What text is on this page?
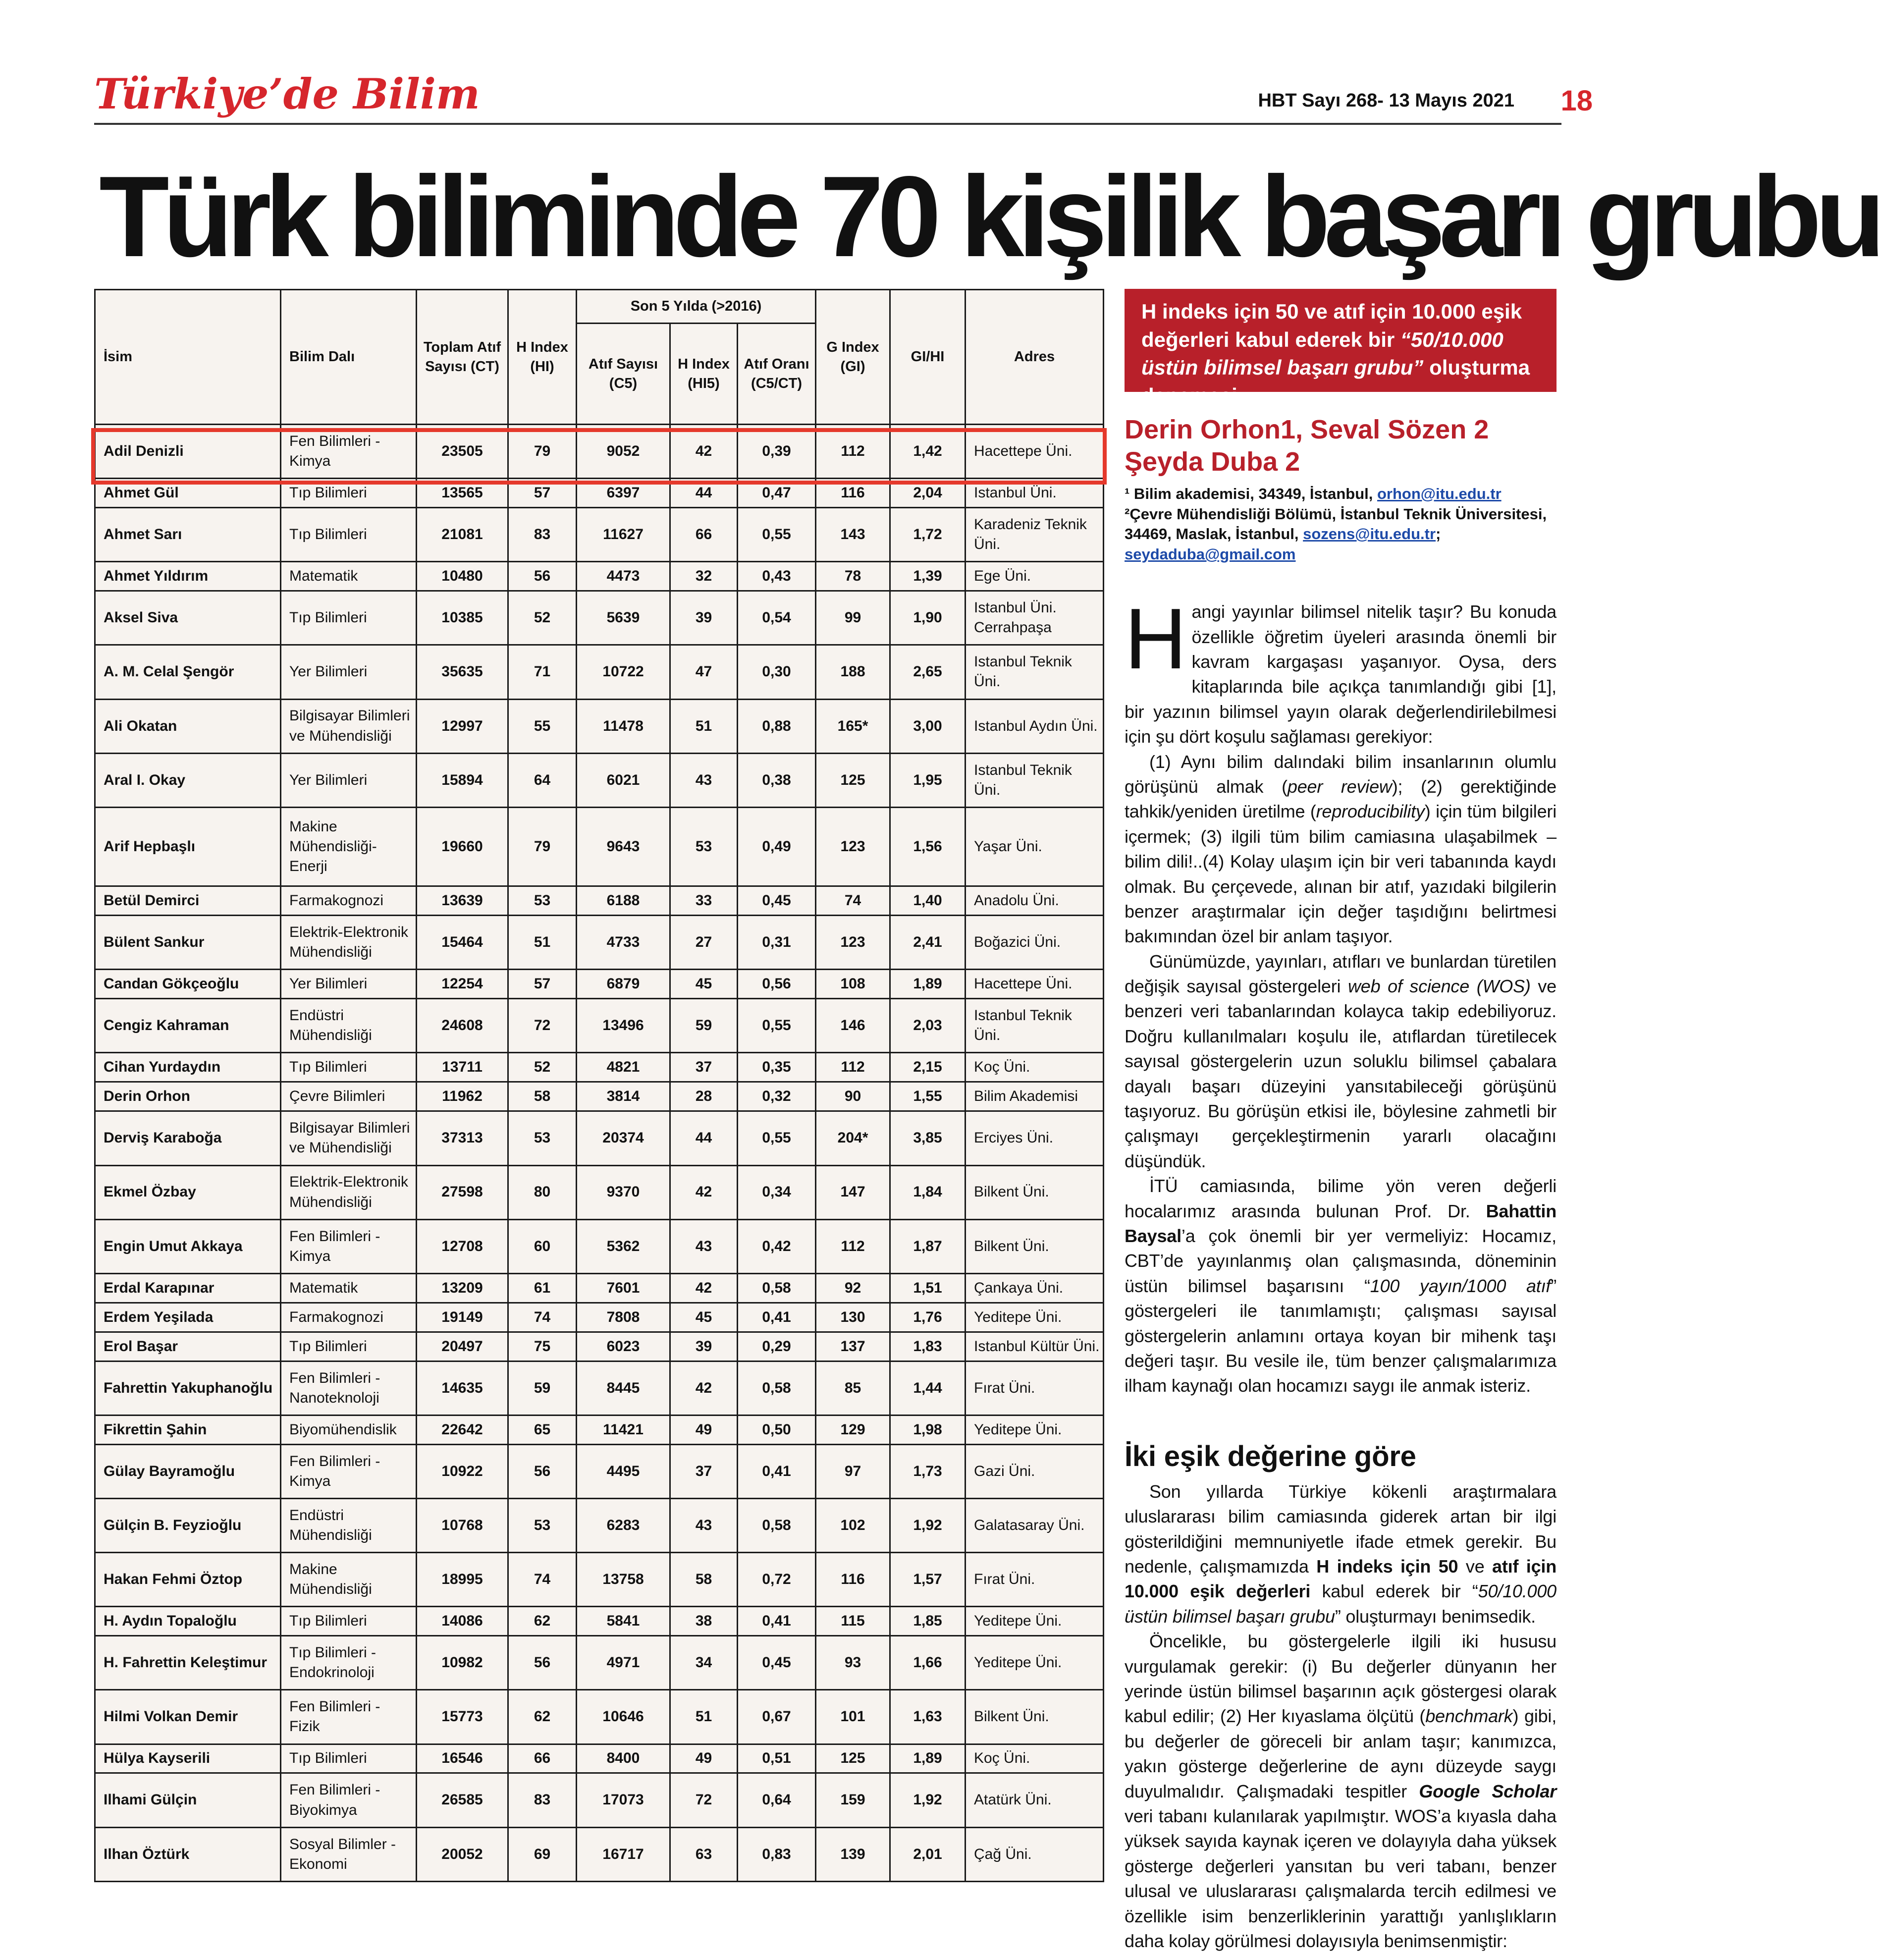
Türkiye’de Bilim	HBT Sayı 268- 13 Mayıs 2021 18
Türk biliminde 70 kişilik başarı grubu
İsim	Bilim Dalı	Toplam Atıf Sayısı (CT)	H Index (HI)	Son 5 Yılda (>2016)			G Index (GI)	GI/HI	Adres
				Atıf Sayısı (C5)	H Index (HI5)	Atıf Oranı (C5/CT)			
Adil Denizli	Fen Bilimleri - Kimya	23505	79	9052	42	0,39	112	1,42	Hacettepe Üni.
Ahmet Gül	Tıp Bilimleri	13565	57	6397	44	0,47	116	2,04	Istanbul Üni.
Ahmet Sarı	Tıp Bilimleri	21081	83	11627	66	0,55	143	1,72	Karadeniz Teknik Üni.
Ahmet Yıldırım	Matematik	10480	56	4473	32	0,43	78	1,39	Ege Üni.
Aksel Siva	Tıp Bilimleri	10385	52	5639	39	0,54	99	1,90	Istanbul Üni. Cerrahpaşa
A. M. Celal Şengör	Yer Bilimleri	35635	71	10722	47	0,30	188	2,65	Istanbul Teknik Üni.
Ali Okatan	Bilgisayar Bilimleri ve Mühendisliği	12997	55	11478	51	0,88	165*	3,00	Istanbul Aydın Üni.
Aral I. Okay	Yer Bilimleri	15894	64	6021	43	0,38	125	1,95	Istanbul Teknik Üni.
Arif Hepbaşlı	Makine Mühendisliği-Enerji	19660	79	9643	53	0,49	123	1,56	Yaşar Üni.
Betül Demirci	Farmakognozi	13639	53	6188	33	0,45	74	1,40	Anadolu Üni.
Bülent Sankur	Elektrik-Elektronik Mühendisliği	15464	51	4733	27	0,31	123	2,41	Boğazici Üni.
Candan Gökçeoğlu	Yer Bilimleri	12254	57	6879	45	0,56	108	1,89	Hacettepe Üni.
Cengiz Kahraman	Endüstri Mühendisliği	24608	72	13496	59	0,55	146	2,03	Istanbul Teknik Üni.
Cihan Yurdaydın	Tıp Bilimleri	13711	52	4821	37	0,35	112	2,15	Koç Üni.
Derin Orhon	Çevre Bilimleri	11962	58	3814	28	0,32	90	1,55	Bilim Akademisi
Derviş Karaboğa	Bilgisayar Bilimleri ve Mühendisliği	37313	53	20374	44	0,55	204*	3,85	Erciyes Üni.
Ekmel Özbay	Elektrik-Elektronik Mühendisliği	27598	80	9370	42	0,34	147	1,84	Bilkent Üni.
Engin Umut Akkaya	Fen Bilimleri - Kimya	12708	60	5362	43	0,42	112	1,87	Bilkent Üni.
Erdal Karapınar	Matematik	13209	61	7601	42	0,58	92	1,51	Çankaya Üni.
Erdem Yeşilada	Farmakognozi	19149	74	7808	45	0,41	130	1,76	Yeditepe Üni.
Erol Başar	Tıp Bilimleri	20497	75	6023	39	0,29	137	1,83	Istanbul Kültür Üni.
Fahrettin Yakuphanoğlu	Fen Bilimleri - Nanoteknoloji	14635	59	8445	42	0,58	85	1,44	Fırat Üni.
Fikrettin Şahin	Biyomühendislik	22642	65	11421	49	0,50	129	1,98	Yeditepe Üni.
Gülay Bayramoğlu	Fen Bilimleri - Kimya	10922	56	4495	37	0,41	97	1,73	Gazi Üni.
Gülçin B. Feyzioğlu	Endüstri Mühendisliği	10768	53	6283	43	0,58	102	1,92	Galatasaray Üni.
Hakan Fehmi Öztop	Makine Mühendisliği	18995	74	13758	58	0,72	116	1,57	Fırat Üni.
H. Aydın Topaloğlu	Tıp Bilimleri	14086	62	5841	38	0,41	115	1,85	Yeditepe Üni.
H. Fahrettin Keleştimur	Tıp Bilimleri - Endokrinoloji	10982	56	4971	34	0,45	93	1,66	Yeditepe Üni.
Hilmi Volkan Demir	Fen Bilimleri - Fizik	15773	62	10646	51	0,67	101	1,63	Bilkent Üni.
Hülya Kayserili	Tıp Bilimleri	16546	66	8400	49	0,51	125	1,89	Koç Üni.
Ilhami Gülçin	Fen Bilimleri - Biyokimya	26585	83	17073	72	0,64	159	1,92	Atatürk Üni.
Ilhan Öztürk	Sosyal Bilimler - Ekonomi	20052	69	16717	63	0,83	139	2,01	Çağ Üni.
H indeks için 50 ve atıf için 10.000 eşik değerleri kabul ederek bir “50/10.000 üstün bilimsel başarı grubu” oluşturma denemesi.
Derin Orhon1, Seval Sözen 2 Şeyda Duba 2
¹ Bilim akademisi, 34349, İstanbul, orhon@itu.edu.tr
²Çevre Mühendisliği Bölümü, İstanbul Teknik Üniversitesi, 34469, Maslak, İstanbul, sozens@itu.edu.tr; seydaduba@gmail.com

Hangi yayınlar bilimsel nitelik taşır? Bu konuda özellikle öğretim üyeleri arasında önemli bir kavram kargaşası yaşanıyor. Oysa, ders kitaplarında bile açıkça tanımlandığı gibi [1], bir yazının bilimsel yayın olarak değerlendirilebilmesi için şu dört koşulu sağlaması gerekiyor:

(1) Aynı bilim dalındaki bilim insanlarının olumlu görüşünü almak (peer review); (2) gerektiğinde tahkik/yeniden üretilme (reproducibility) için tüm bilgileri içermek; (3) ilgili tüm bilim camiasına ulaşabilmek – bilim dili!..(4) Kolay ulaşım için bir veri tabanında kaydı olmak. Bu çerçevede, alınan bir atıf, yazıdaki bilgilerin benzer araştırmalar için değer taşıdığını belirtmesi bakımından özel bir anlam taşıyor.

Günümüzde, yayınları, atıfları ve bunlardan türetilen değişik sayısal göstergeleri web of science (WOS) ve benzeri veri tabanlarından kolayca takip edebiliyoruz. Doğru kullanılmaları koşulu ile, atıflardan türetilecek sayısal göstergelerin uzun soluklu bilimsel çabalara dayalı başarı düzeyini yansıtabileceği görüşünü taşıyoruz. Bu görüşün etkisi ile, böylesine zahmetli bir çalışmayı gerçekleştirmenin yararlı olacağını düşündük.

İTÜ camiasında, bilime yön veren değerli hocalarımız arasında bulunan Prof. Dr. Bahattin Baysal’a çok önemli bir yer vermeliyiz: Hocamız, CBT’de yayınlanmış olan çalışmasında, döneminin üstün bilimsel başarısını “100 yayın/1000 atıf” göstergeleri ile tanımlamıştı; çalışması sayısal göstergelerin anlamını ortaya koyan bir mihenk taşı değeri taşır. Bu vesile ile, tüm benzer çalışmalarımıza ilham kaynağı olan hocamızı saygı ile anmak isteriz.

İki eşik değerine göre

Son yıllarda Türkiye kökenli araştırmalara uluslararası bilim camiasında giderek artan bir ilgi gösterildiğini memnuniyetle ifade etmek gerekir. Bu nedenle, çalışmamızda H indeks için 50 ve atıf için 10.000 eşik değerleri kabul ederek bir “50/10.000 üstün bilimsel başarı grubu” oluşturmayı benimsedik.

Öncelikle, bu göstergelerle ilgili iki hususu vurgulamak gerekir: (i) Bu değerler dünyanın her yerinde üstün bilimsel başarının açık göstergesi olarak kabul edilir; (2) Her kıyaslama ölçütü (benchmark) gibi, bu değerler de göreceli bir anlam taşır; kanımızca, yakın gösterge değerlerine de aynı düzeyde saygı duyulmalıdır. Çalışmadaki tespitler Google Scholar veri tabanı kulanılarak yapılmıştır. WOS’a kıyasla daha yüksek sayıda kaynak içeren ve dolayıyla daha yüksek gösterge değerleri yansıtan bu veri tabanı, benzer ulusal ve uluslararası çalışmalarda tercih edilmesi ve özellikle isim benzerliklerinin yarattığı yanlışlıkların daha kolay görülmesi dolayısıyla benimsenmiştir:
